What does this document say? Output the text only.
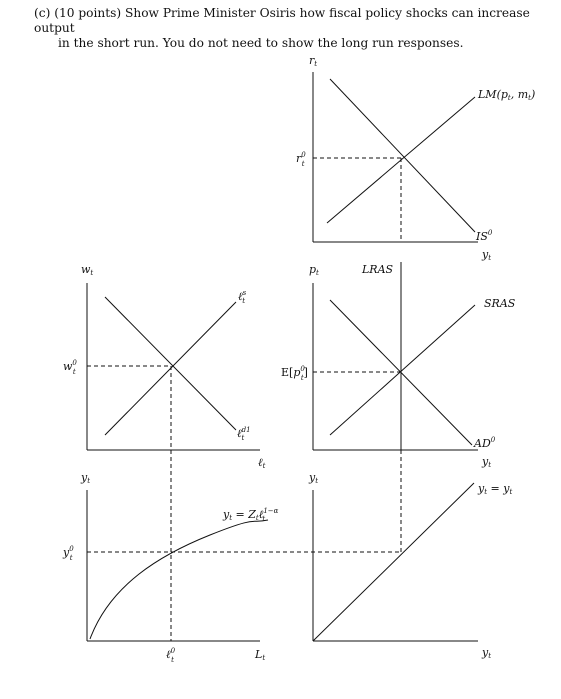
(c) (10 points) Show Prime Minister Osiris how fiscal policy shocks can increase output
in the short run. You do not need to show the long run responses.
rt
yt
LM(pt, mt)
$IS^0$
$r^0$ t
pt
yt
LRAS
SRAS
$AD^0$
$E[p^0$ t]
yt
yt
yt = yt
wt
ℓt
ℓ$^s$ t
ℓ$^{d1}$ t
$w^0$ t
yt
Lt
yt = Ztℓ$^{1-\alpha}$ t
$y^0$ t
ℓ$^0$ t
